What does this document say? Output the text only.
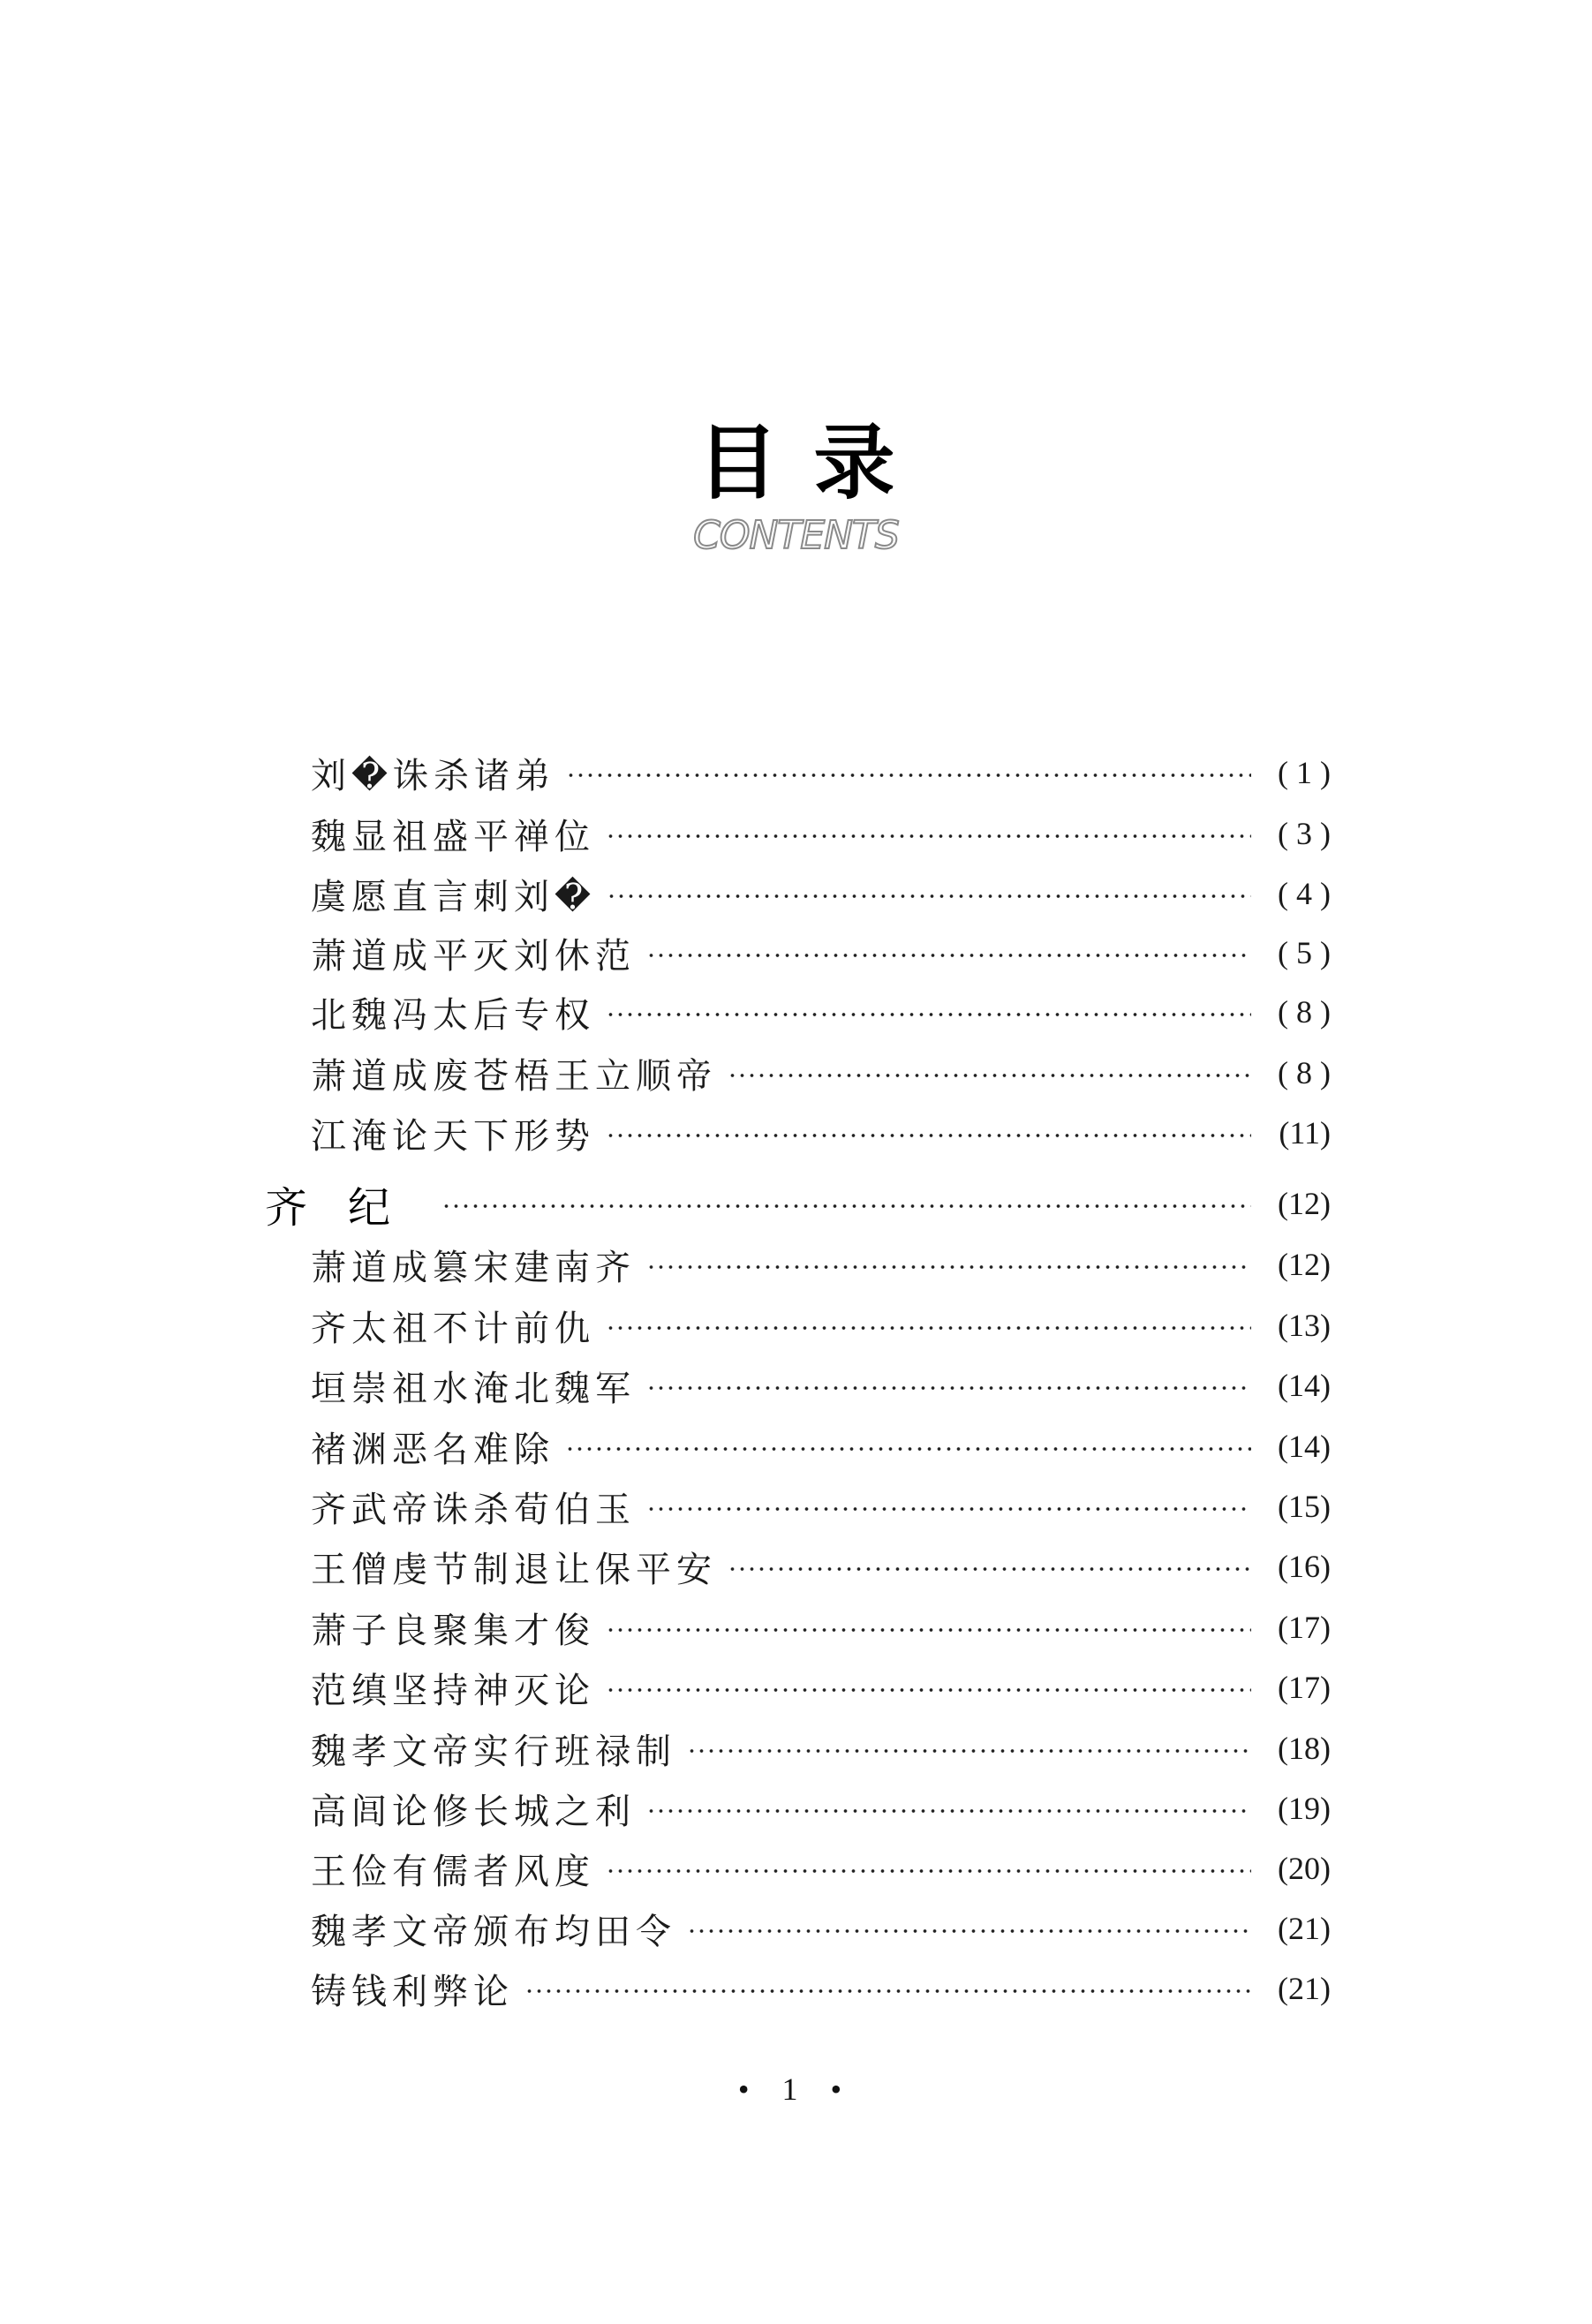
目录
CONTENTS
刘�诛杀诸弟	( 1 )
魏显祖盛平禅位	( 3 )
虞愿直言刺刘�	( 4 )
萧道成平灭刘休范	( 5 )
北魏冯太后专权	( 8 )
萧道成废苍梧王立顺帝	( 8 )
江淹论天下形势	(11)
齐纪	(12)
萧道成篡宋建南齐	(12)
齐太祖不计前仇	(13)
垣崇祖水淹北魏军	(14)
褚渊恶名难除	(14)
齐武帝诛杀荀伯玉	(15)
王僧虔节制退让保平安	(16)
萧子良聚集才俊	(17)
范缜坚持神灭论	(17)
魏孝文帝实行班禄制	(18)
高闾论修长城之利	(19)
王俭有儒者风度	(20)
魏孝文帝颁布均田令	(21)
铸钱利弊论	(21)
• 1 •
